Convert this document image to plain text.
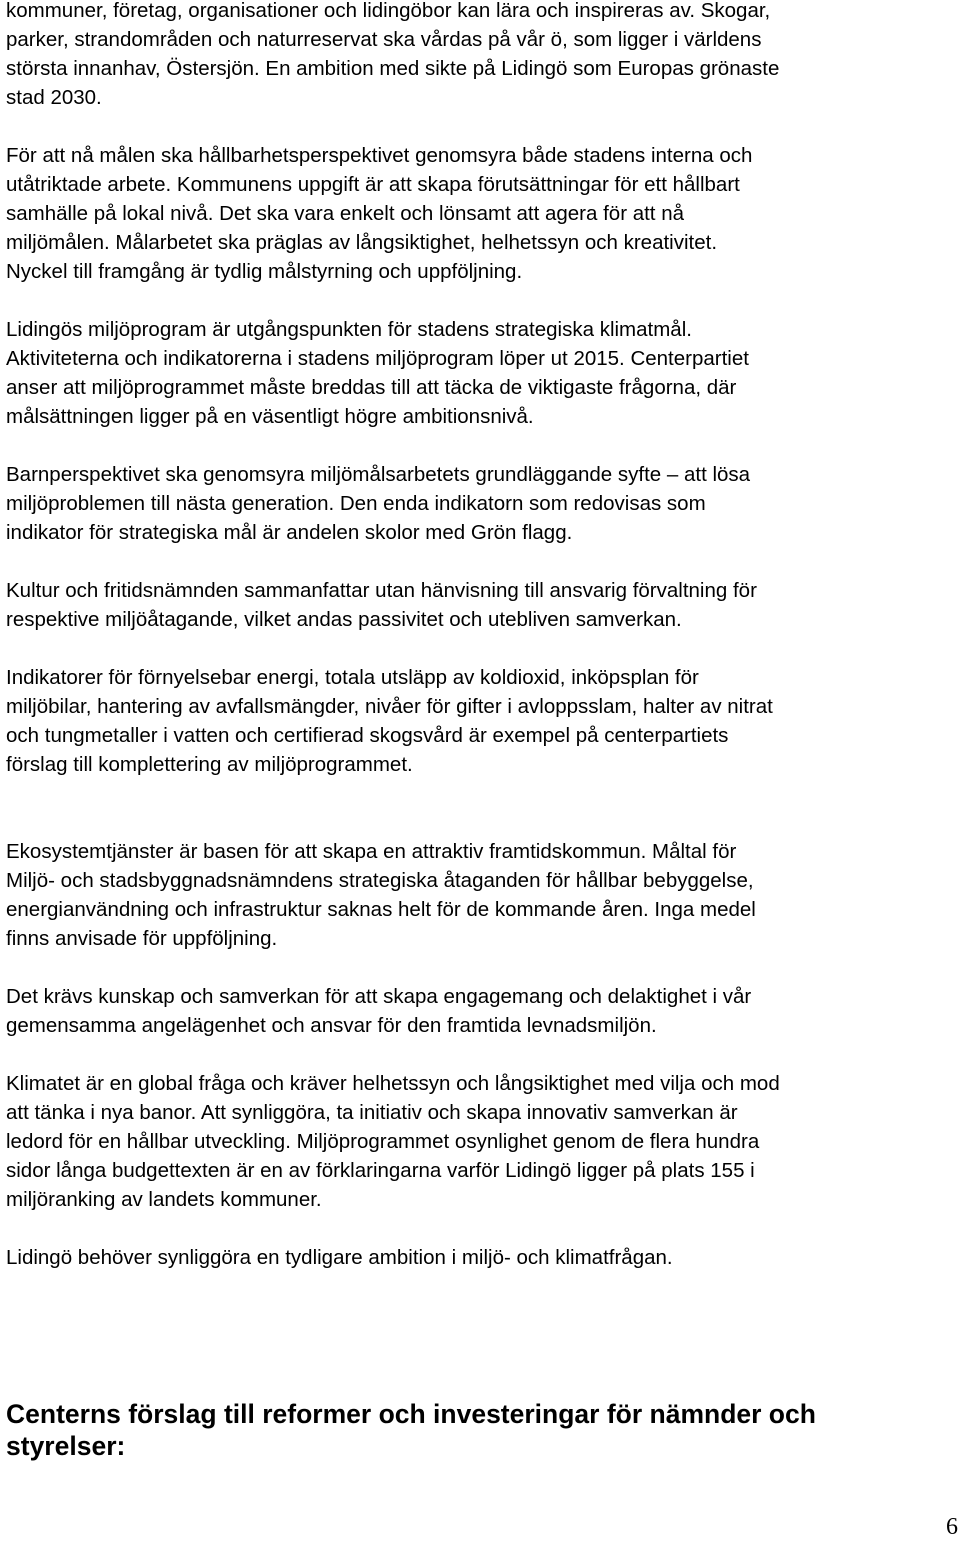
kommuner, företag, organisationer och lidingöbor kan lära och inspireras av. Skogar,
parker, strandområden och naturreservat ska vårdas på vår ö, som ligger i världens
största innanhav, Östersjön. En ambition med sikte på Lidingö som Europas grönaste
stad 2030.

För att nå målen ska hållbarhetsperspektivet genomsyra både stadens interna och
utåtriktade arbete. Kommunens uppgift är att skapa förutsättningar för ett hållbart
samhälle på lokal nivå. Det ska vara enkelt och lönsamt att agera för att nå
miljömålen. Målarbetet ska präglas av långsiktighet, helhetssyn och kreativitet.
Nyckel till framgång är tydlig målstyrning och uppföljning.

Lidingös miljöprogram är utgångspunkten för stadens strategiska klimatmål.
Aktiviteterna och indikatorerna i stadens miljöprogram löper ut 2015. Centerpartiet
anser att miljöprogrammet måste breddas till att täcka de viktigaste frågorna, där
målsättningen ligger på en väsentligt högre ambitionsnivå.

Barnperspektivet ska genomsyra miljömålsarbetets grundläggande syfte – att lösa
miljöproblemen till nästa generation. Den enda indikatorn som redovisas som
indikator för strategiska mål är andelen skolor med Grön flagg.

Kultur och fritidsnämnden sammanfattar utan hänvisning till ansvarig förvaltning för
respektive miljöåtagande, vilket andas passivitet och utebliven samverkan.

Indikatorer för förnyelsebar energi, totala utsläpp av koldioxid, inköpsplan för
miljöbilar, hantering av avfallsmängder, nivåer för gifter i avloppsslam, halter av nitrat
och tungmetaller i vatten och certifierad skogsvård är exempel på centerpartiets
förslag till komplettering av miljöprogrammet.

Ekosystemtjänster är basen för att skapa en attraktiv framtidskommun. Måltal för
Miljö- och stadsbyggnadsnämndens strategiska åtaganden för hållbar bebyggelse,
energianvändning och infrastruktur saknas helt för de kommande åren. Inga medel
finns anvisade för uppföljning.

Det krävs kunskap och samverkan för att skapa engagemang och delaktighet i vår
gemensamma angelägenhet och ansvar för den framtida levnadsmiljön.

Klimatet är en global fråga och kräver helhetssyn och långsiktighet med vilja och mod
att tänka i nya banor. Att synliggöra, ta initiativ och skapa innovativ samverkan är
ledord för en hållbar utveckling. Miljöprogrammet osynlighet genom de flera hundra
sidor långa budgettexten är en av förklaringarna varför Lidingö ligger på plats 155 i
miljöranking av landets kommuner.

Lidingö behöver synliggöra en tydligare ambition i miljö- och klimatfrågan.

Centerns förslag till reformer och investeringar för nämnder och
styrelser:
6
